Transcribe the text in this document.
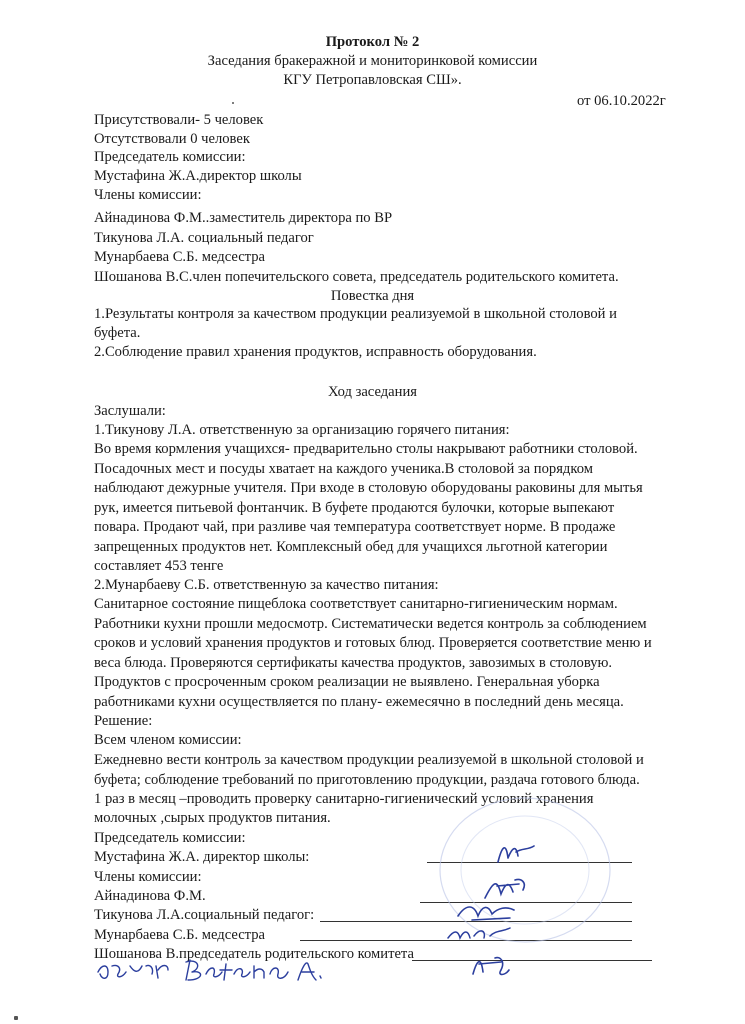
Протокол № 2
Заседания бракеражной и мониторинковой комиссии
КГУ Петропавловская СШ».
от 06.10.2022г
Присутствовали- 5 человек
Отсутствовали 0 человек
Председатель комиссии:
Мустафина Ж.А.директор школы
Члены комиссии:
Айнадинова Ф.М..заместитель директора по ВР
Тикунова Л.А. социальный педагог
Мунарбаева С.Б. медсестра
Шошанова В.С.член попечительского совета, председатель родительского комитета.
Повестка дня
1.Результаты контроля за качеством продукции реализуемой в школьной столовой и
буфета.
2.Соблюдение правил хранения продуктов, исправность оборудования.
Ход заседания
Заслушали:
1.Тикунову Л.А. ответственную за организацию горячего питания:
Во время кормления учащихся- предварительно столы накрывают работники столовой.
Посадочных мест и посуды хватает на каждого ученика.В столовой за порядком
наблюдают дежурные учителя. При входе в столовую оборудованы раковины для мытья
рук, имеется питьевой фонтанчик. В буфете продаются булочки, которые выпекают
повара. Продают чай, при разливе чая температура соответствует норме. В продаже
запрещенных продуктов нет. Комплексный обед для учащихся льготной категории
составляет 453 тенге
2.Мунарбаеву С.Б. ответственную за качество питания:
Санитарное состояние пищеблока соответствует санитарно-гигиеническим нормам.
Работники кухни прошли медосмотр. Систематически ведется контроль за соблюдением
сроков и условий хранения продуктов и готовых блюд. Проверяется соответствие меню и
веса блюда. Проверяются сертификаты качества продуктов, завозимых в столовую.
Продуктов с просроченным сроком реализации не выявлено. Генеральная уборка
работниками кухни осуществляется по плану- ежемесячно в последний день месяца.
Решение:
Всем членом комиссии:
Ежедневно вести контроль за качеством продукции реализуемой в школьной столовой и
буфета; соблюдение требований по приготовлению продукции, раздача готового блюда.
1 раз в месяц –проводить проверку санитарно-гигиенический условий хранения
молочных ,сырых продуктов питания.
Председатель комиссии:
Мустафина Ж.А. директор школы:
Члены комиссии:
Айнадинова Ф.М.
Тикунова Л.А.социальный педагог:
Мунарбаева С.Б. медсестра
Шошанова В.председатель родительского комитета
